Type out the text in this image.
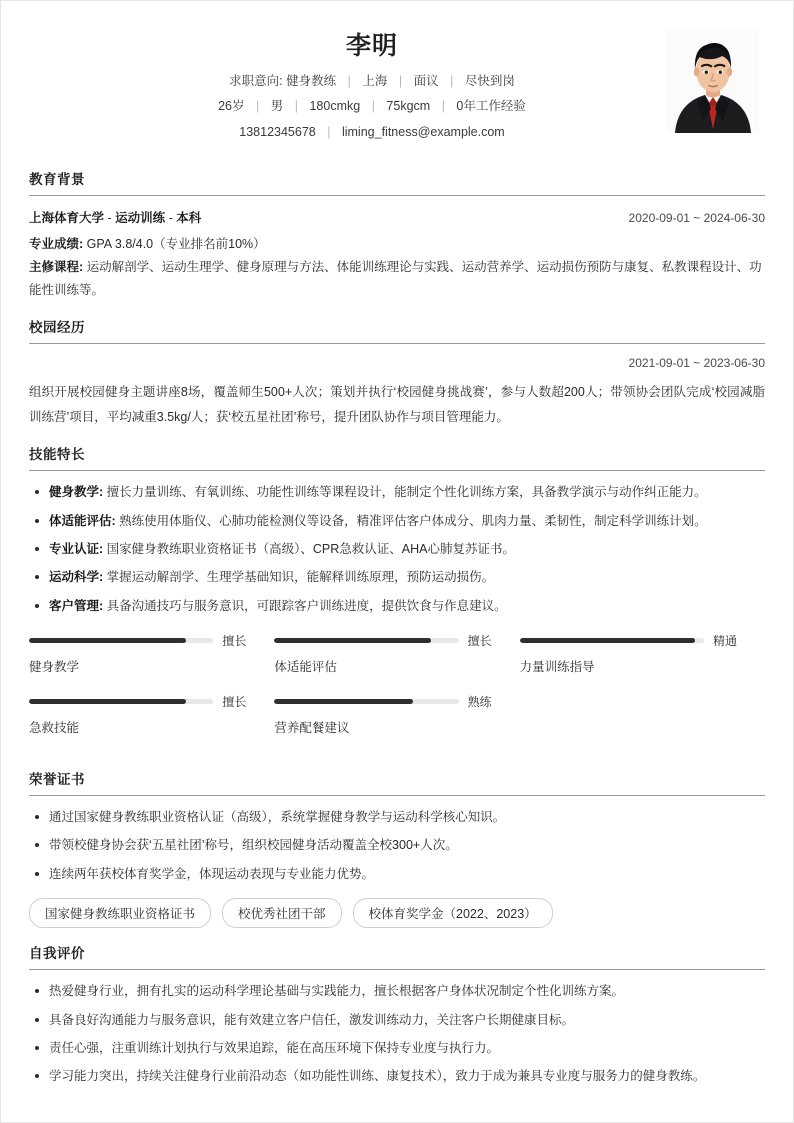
李明
求职意向: 健身教练 | 上海 | 面议 | 尽快到岗
26岁 | 男 | 180cmkg | 75kgcm | 0年工作经验
13812345678 | liming_fitness@example.com
教育背景
上海体育大学 - 运动训练 - 本科	2020-09-01 ~ 2024-06-30
专业成绩: GPA 3.8/4.0（专业排名前10%）
主修课程: 运动解剖学、运动生理学、健身原理与方法、体能训练理论与实践、运动营养学、运动损伤预防与康复、私教课程设计、功能性训练等。
校园经历
2021-09-01 ~ 2023-06-30
组织开展校园健身主题讲座8场，覆盖师生500+人次；策划并执行‘校园健身挑战赛’，参与人数超200人；带领协会团队完成‘校园减脂训练营’项目，平均减重3.5kg/人；获‘校五星社团’称号，提升团队协作与项目管理能力。
技能特长
健身教学: 擅长力量训练、有氧训练、功能性训练等课程设计，能制定个性化训练方案，具备教学演示与动作纠正能力。
体适能评估: 熟练使用体脂仪、心肺功能检测仪等设备，精准评估客户体成分、肌肉力量、柔韧性，制定科学训练计划。
专业认证: 国家健身教练职业资格证书（高级）、CPR急救认证、AHA心肺复苏证书。
运动科学: 掌握运动解剖学、生理学基础知识，能解释训练原理，预防运动损伤。
客户管理: 具备沟通技巧与服务意识，可跟踪客户训练进度，提供饮食与作息建议。
擅长
健身教学
擅长
体适能评估
精通
力量训练指导
擅长
急救技能
熟练
营养配餐建议
荣誉证书
通过国家健身教练职业资格认证（高级），系统掌握健身教学与运动科学核心知识。
带领校健身协会获‘五星社团’称号，组织校园健身活动覆盖全校300+人次。
连续两年获校体育奖学金，体现运动表现与专业能力优势。
国家健身教练职业资格证书	校优秀社团干部	校体育奖学金（2022、2023）
自我评价
热爱健身行业，拥有扎实的运动科学理论基础与实践能力，擅长根据客户身体状况制定个性化训练方案。
具备良好沟通能力与服务意识，能有效建立客户信任，激发训练动力，关注客户长期健康目标。
责任心强，注重训练计划执行与效果追踪，能在高压环境下保持专业度与执行力。
学习能力突出，持续关注健身行业前沿动态（如功能性训练、康复技术），致力于成为兼具专业度与服务力的健身教练。
